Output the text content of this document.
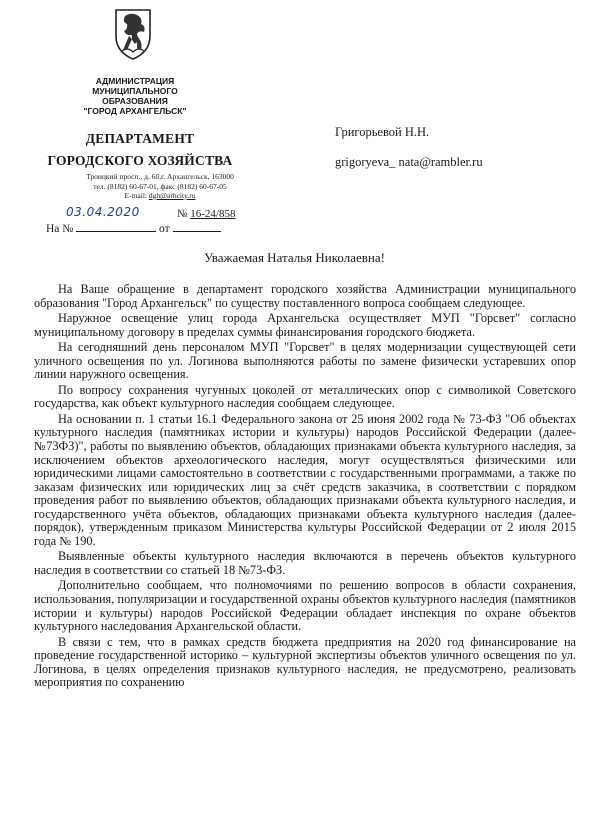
АДМИНИСТРАЦИЯ
МУНИЦИПАЛЬНОГО ОБРАЗОВАНИЯ
"ГОРОД АРХАНГЕЛЬСК"
ДЕПАРТАМЕНТ
ГОРОДСКОГО ХОЗЯЙСТВА
Троицкий просп., д. 60,г. Архангельск, 163000
тел. (8182) 60-67-01, факс (8182) 60-67-05
E-mail: dgh@arhcity.ru
03.04.2020	№ 16-24/858
На №	от
Григорьевой Н.Н.
grigoryeva_ nata@rambler.ru
Уважаемая Наталья Николаевна!

На Ваше обращение в департамент городского хозяйства Администрации муниципального образования "Город Архангельск" по существу поставленного вопроса сообщаем следующее.

Наружное освещение улиц города Архангельска осуществляет МУП "Горсвет" согласно муниципальному договору в пределах суммы финансирования городского бюджета.

На сегодняшний день персоналом МУП "Горсвет" в целях модернизации существующей сети уличного освещения по ул. Логинова выполняются работы по замене физически устаревших опор линии наружного освещения.

По вопросу сохранения чугунных цоколей от металлических опор с символикой Советского государства, как объект культурного наследия сообщаем следующее.

На основании п. 1 статьи 16.1 Федерального закона от 25 июня 2002 года № 73-ФЗ "Об объектах культурного наследия (памятниках истории и культуры) народов Российской Федерации (далее-№73ФЗ)", работы по выявлению объектов, обладающих признаками объекта культурного наследия, за исключением объектов археологического наследия, могут осуществляться физическими или юридическими лицами самостоятельно в соответствии с государственными программами, а также по заказам физических или юридических лиц за счёт средств заказчика, в соответствии с порядком проведения работ по выявлению объектов, обладающих признаками объекта культурного наследия, и государственного учёта объектов, обладающих признаками объекта культурного наследия (далее-порядок), утвержденным приказом Министерства культуры Российской Федерации от 2 июля 2015 года № 190.

Выявленные объекты культурного наследия включаются в перечень объектов культурного наследия в соответствии со статьей 18 №73-ФЗ.

Дополнительно сообщаем, что полномочиями по решению вопросов в области сохранения, использования, популяризации и государственной охраны объектов культурного наследия (памятников истории и культуры) народов Российской Федерации обладает инспекция по охране объектов культурного наследования Архангельской области.

В связи с тем, что в рамках средств бюджета предприятия на 2020 год финансирование на проведение государственной историко – культурной экспертизы объектов уличного освещения по ул. Логинова, в целях определения признаков культурного наследия, не предусмотрено, реализовать мероприятия по сохранению
